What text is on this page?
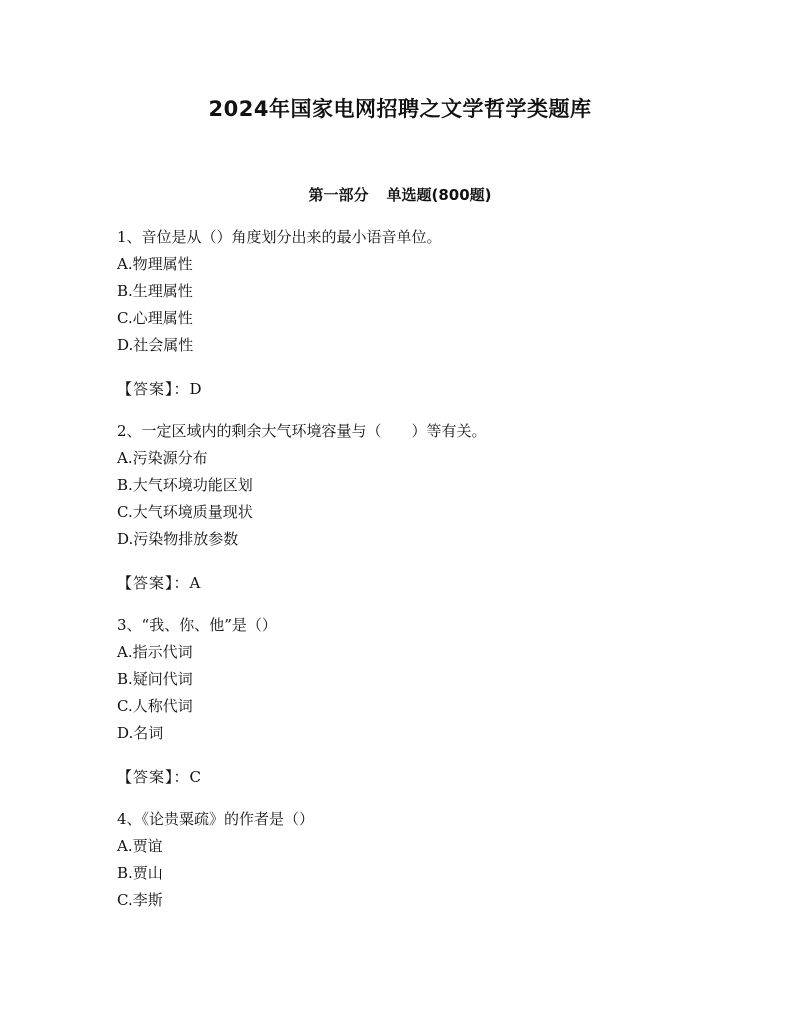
2024年国家电网招聘之文学哲学类题库
第一部分 单选题(800题)
1、音位是从（）角度划分出来的最小语音单位。
A.物理属性
B.生理属性
C.心理属性
D.社会属性
【答案】：D
2、一定区域内的剩余大气环境容量与（　　）等有关。
A.污染源分布
B.大气环境功能区划
C.大气环境质量现状
D.污染物排放参数
【答案】：A
3、“我、你、他”是（）
A.指示代词
B.疑问代词
C.人称代词
D.名词
【答案】：C
4、《论贵粟疏》的作者是（）
A.贾谊
B.贾山
C.李斯
